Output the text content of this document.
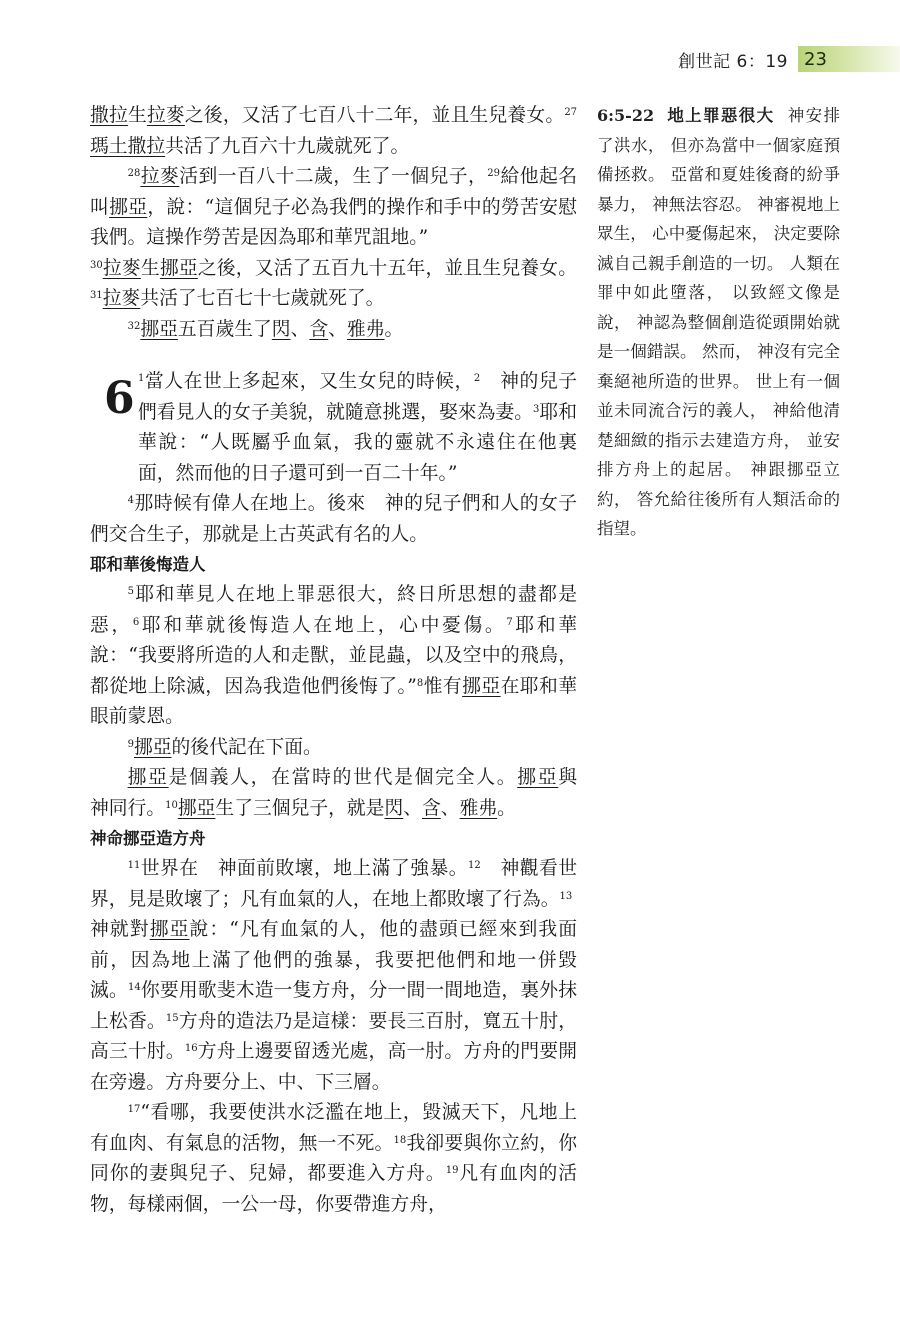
創世記 6：19 23

撒拉生拉麥之後，又活了七百八十二年，並且生兒養女。$^{27}$瑪土撒拉共活了九百六十九歲就死了。

$^{28}$拉麥活到一百八十二歲，生了一個兒子，$^{29}$給他起名叫挪亞，說：“這個兒子必為我們的操作和手中的勞苦安慰我們。這操作勞苦是因為耶和華咒詛地。”

$^{30}$拉麥生挪亞之後，又活了五百九十五年，並且生兒養女。$^{31}$拉麥共活了七百七十七歲就死了。

$^{32}$挪亞五百歲生了閃、含、雅弗。

6 $^1$當人在世上多起來，又生女兒的時候，$^2$　神的兒子們看見人的女子美貌，就隨意挑選，娶來為妻。$^3$耶和華說：“人既屬乎血氣，我的靈就不永遠住在他裏面，然而他的日子還可到一百二十年。”

$^4$那時候有偉人在地上。後來　神的兒子們和人的女子們交合生子，那就是上古英武有名的人。

耶和華後悔造人

$^5$耶和華見人在地上罪惡很大，終日所思想的盡都是惡，$^6$耶和華就後悔造人在地上，心中憂傷。$^7$耶和華說：“我要將所造的人和走獸，並昆蟲，以及空中的飛鳥，都從地上除滅，因為我造他們後悔了。”$^8$惟有挪亞在耶和華眼前蒙恩。

$^9$挪亞的後代記在下面。

挪亞是個義人，在當時的世代是個完全人。挪亞與　神同行。$^{10}$挪亞生了三個兒子，就是閃、含、雅弗。

神命挪亞造方舟

$^{11}$世界在　神面前敗壞，地上滿了強暴。$^{12}$　神觀看世界，見是敗壞了；凡有血氣的人，在地上都敗壞了行為。$^{13}$　神就對挪亞說：“凡有血氣的人，他的盡頭已經來到我面前，因為地上滿了他們的強暴，我要把他們和地一併毀滅。$^{14}$你要用歌斐木造一隻方舟，分一間一間地造，裏外抹上松香。$^{15}$方舟的造法乃是這樣：要長三百肘，寬五十肘，高三十肘。$^{16}$方舟上邊要留透光處，高一肘。方舟的門要開在旁邊。方舟要分上、中、下三層。

$^{17}$“看哪，我要使洪水泛濫在地上，毀滅天下，凡地上有血肉、有氣息的活物，無一不死。$^{18}$我卻要與你立約，你同你的妻與兒子、兒婦，都要進入方舟。$^{19}$凡有血肉的活物，每樣兩個，一公一母，你要帶進方舟，

6:5-22 地上罪惡很大 神安排了洪水， 但亦為當中一個家庭預備拯救。 亞當和夏娃後裔的紛爭暴力， 神無法容忍。 神審視地上眾生， 心中憂傷起來， 決定要除滅自己親手創造的一切。 人類在罪中如此墮落， 以致經文像是說， 神認為整個創造從頭開始就是一個錯誤。 然而， 神沒有完全棄絕祂所造的世界。 世上有一個並未同流合污的義人， 神給他清楚細緻的指示去建造方舟， 並安排方舟上的起居。 神跟挪亞立約， 答允給往後所有人類活命的指望。
